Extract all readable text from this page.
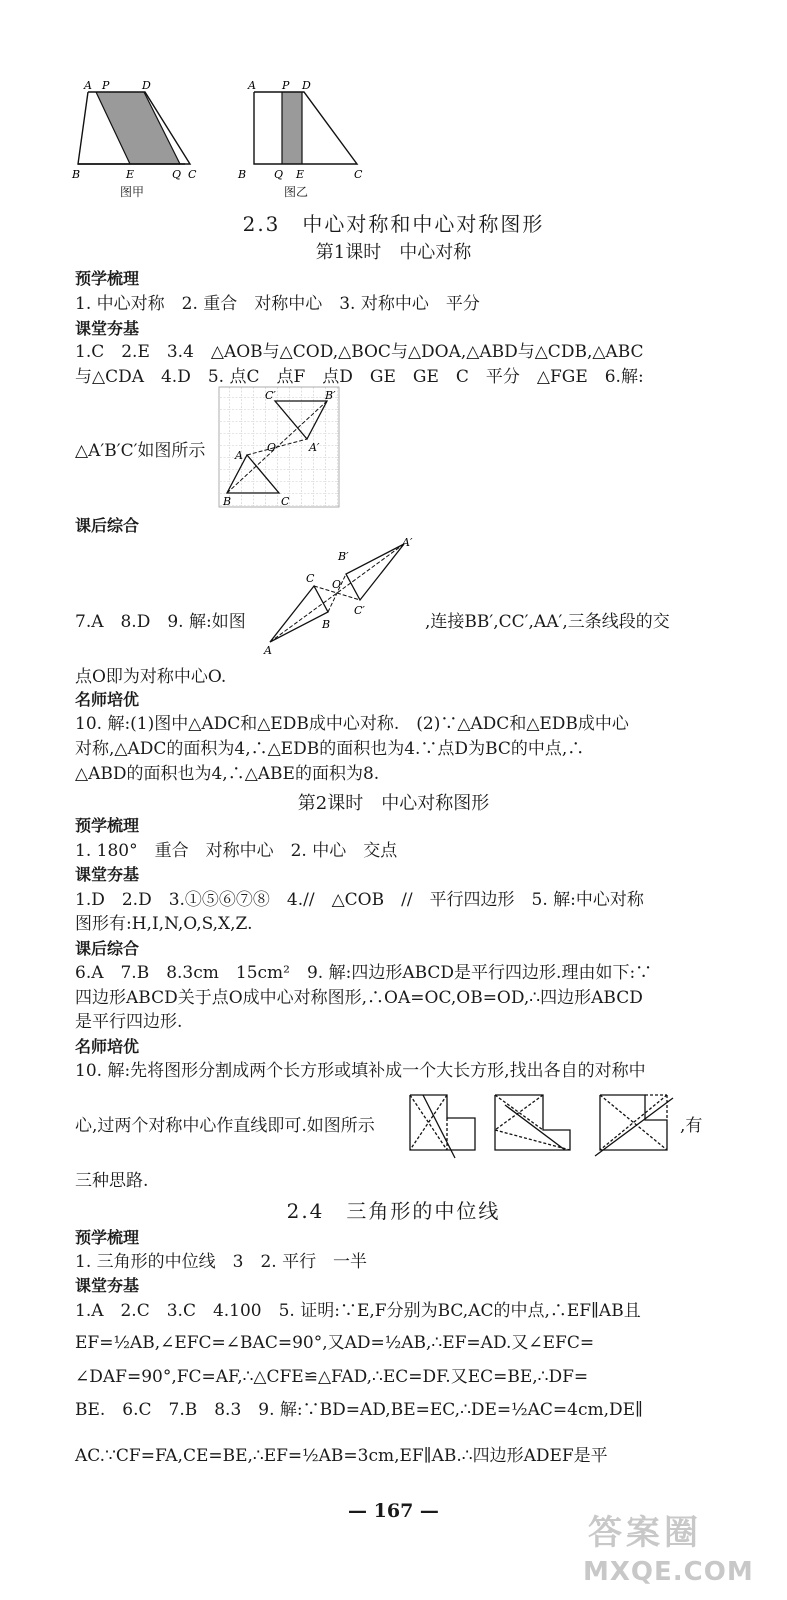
A P	D
B	E	Q C
图甲
A P D
B	Q E	C
图乙
2.3　中心对称和中心对称图形
第1课时　中心对称
预学梳理
1. 中心对称　2. 重合　对称中心　3. 对称中心　平分
课堂夯基
1.C　2.E　3.4　△AOB与△COD,△BOC与△DOA,△ABD与△CDB,△ABC
与△CDA　4.D　5. 点C　点F　点D　GE　GE　C　平分　△FGE　6.解:
C′	B′
O	A′
A
B	C
△A′B′C′如图所示
课后综合
B′
A′
C O
B
C′
A
7.A　8.D　9. 解:如图	,连接BB′,CC′,AA′,三条线段的交
点O即为对称中心O.
名师培优
10. 解:(1)图中△ADC和△EDB成中心对称.　(2)∵△ADC和△EDB成中心
对称,△ADC的面积为4,∴△EDB的面积也为4.∵点D为BC的中点,∴
△ABD的面积也为4,∴△ABE的面积为8.
第2课时　中心对称图形
预学梳理
1. 180°　重合　对称中心　2. 中心　交点
课堂夯基
1.D　2.D　3.①⑤⑥⑦⑧　4.//　△COB　//　平行四边形　5. 解:中心对称
图形有:H,I,N,O,S,X,Z.
课后综合
6.A　7.B　8.3cm　15cm²　9. 解:四边形ABCD是平行四边形.理由如下:∵
四边形ABCD关于点O成中心对称图形,∴OA=OC,OB=OD,∴四边形ABCD
是平行四边形.
名师培优
10. 解:先将图形分割成两个长方形或填补成一个大长方形,找出各自的对称中
心,过两个对称中心作直线即可.如图所示	,有
三种思路.
2.4　三角形的中位线
预学梳理
1. 三角形的中位线　3　2. 平行　一半
课堂夯基
1.A　2.C　3.C　4.100　5. 证明:∵E,F分别为BC,AC的中点,∴EF∥AB且
EF=½AB,∠EFC=∠BAC=90°,又AD=½AB,∴EF=AD.又∠EFC=
∠DAF=90°,FC=AF,∴△CFE≌△FAD,∴EC=DF.又EC=BE,∴DF=
BE.　6.C　7.B　8.3　9. 解:∵BD=AD,BE=EC,∴DE=½AC=4cm,DE∥
AC.∵CF=FA,CE=BE,∴EF=½AB=3cm,EF∥AB.∴四边形ADEF是平
— 167 —
答案圈
MXQE.COM
